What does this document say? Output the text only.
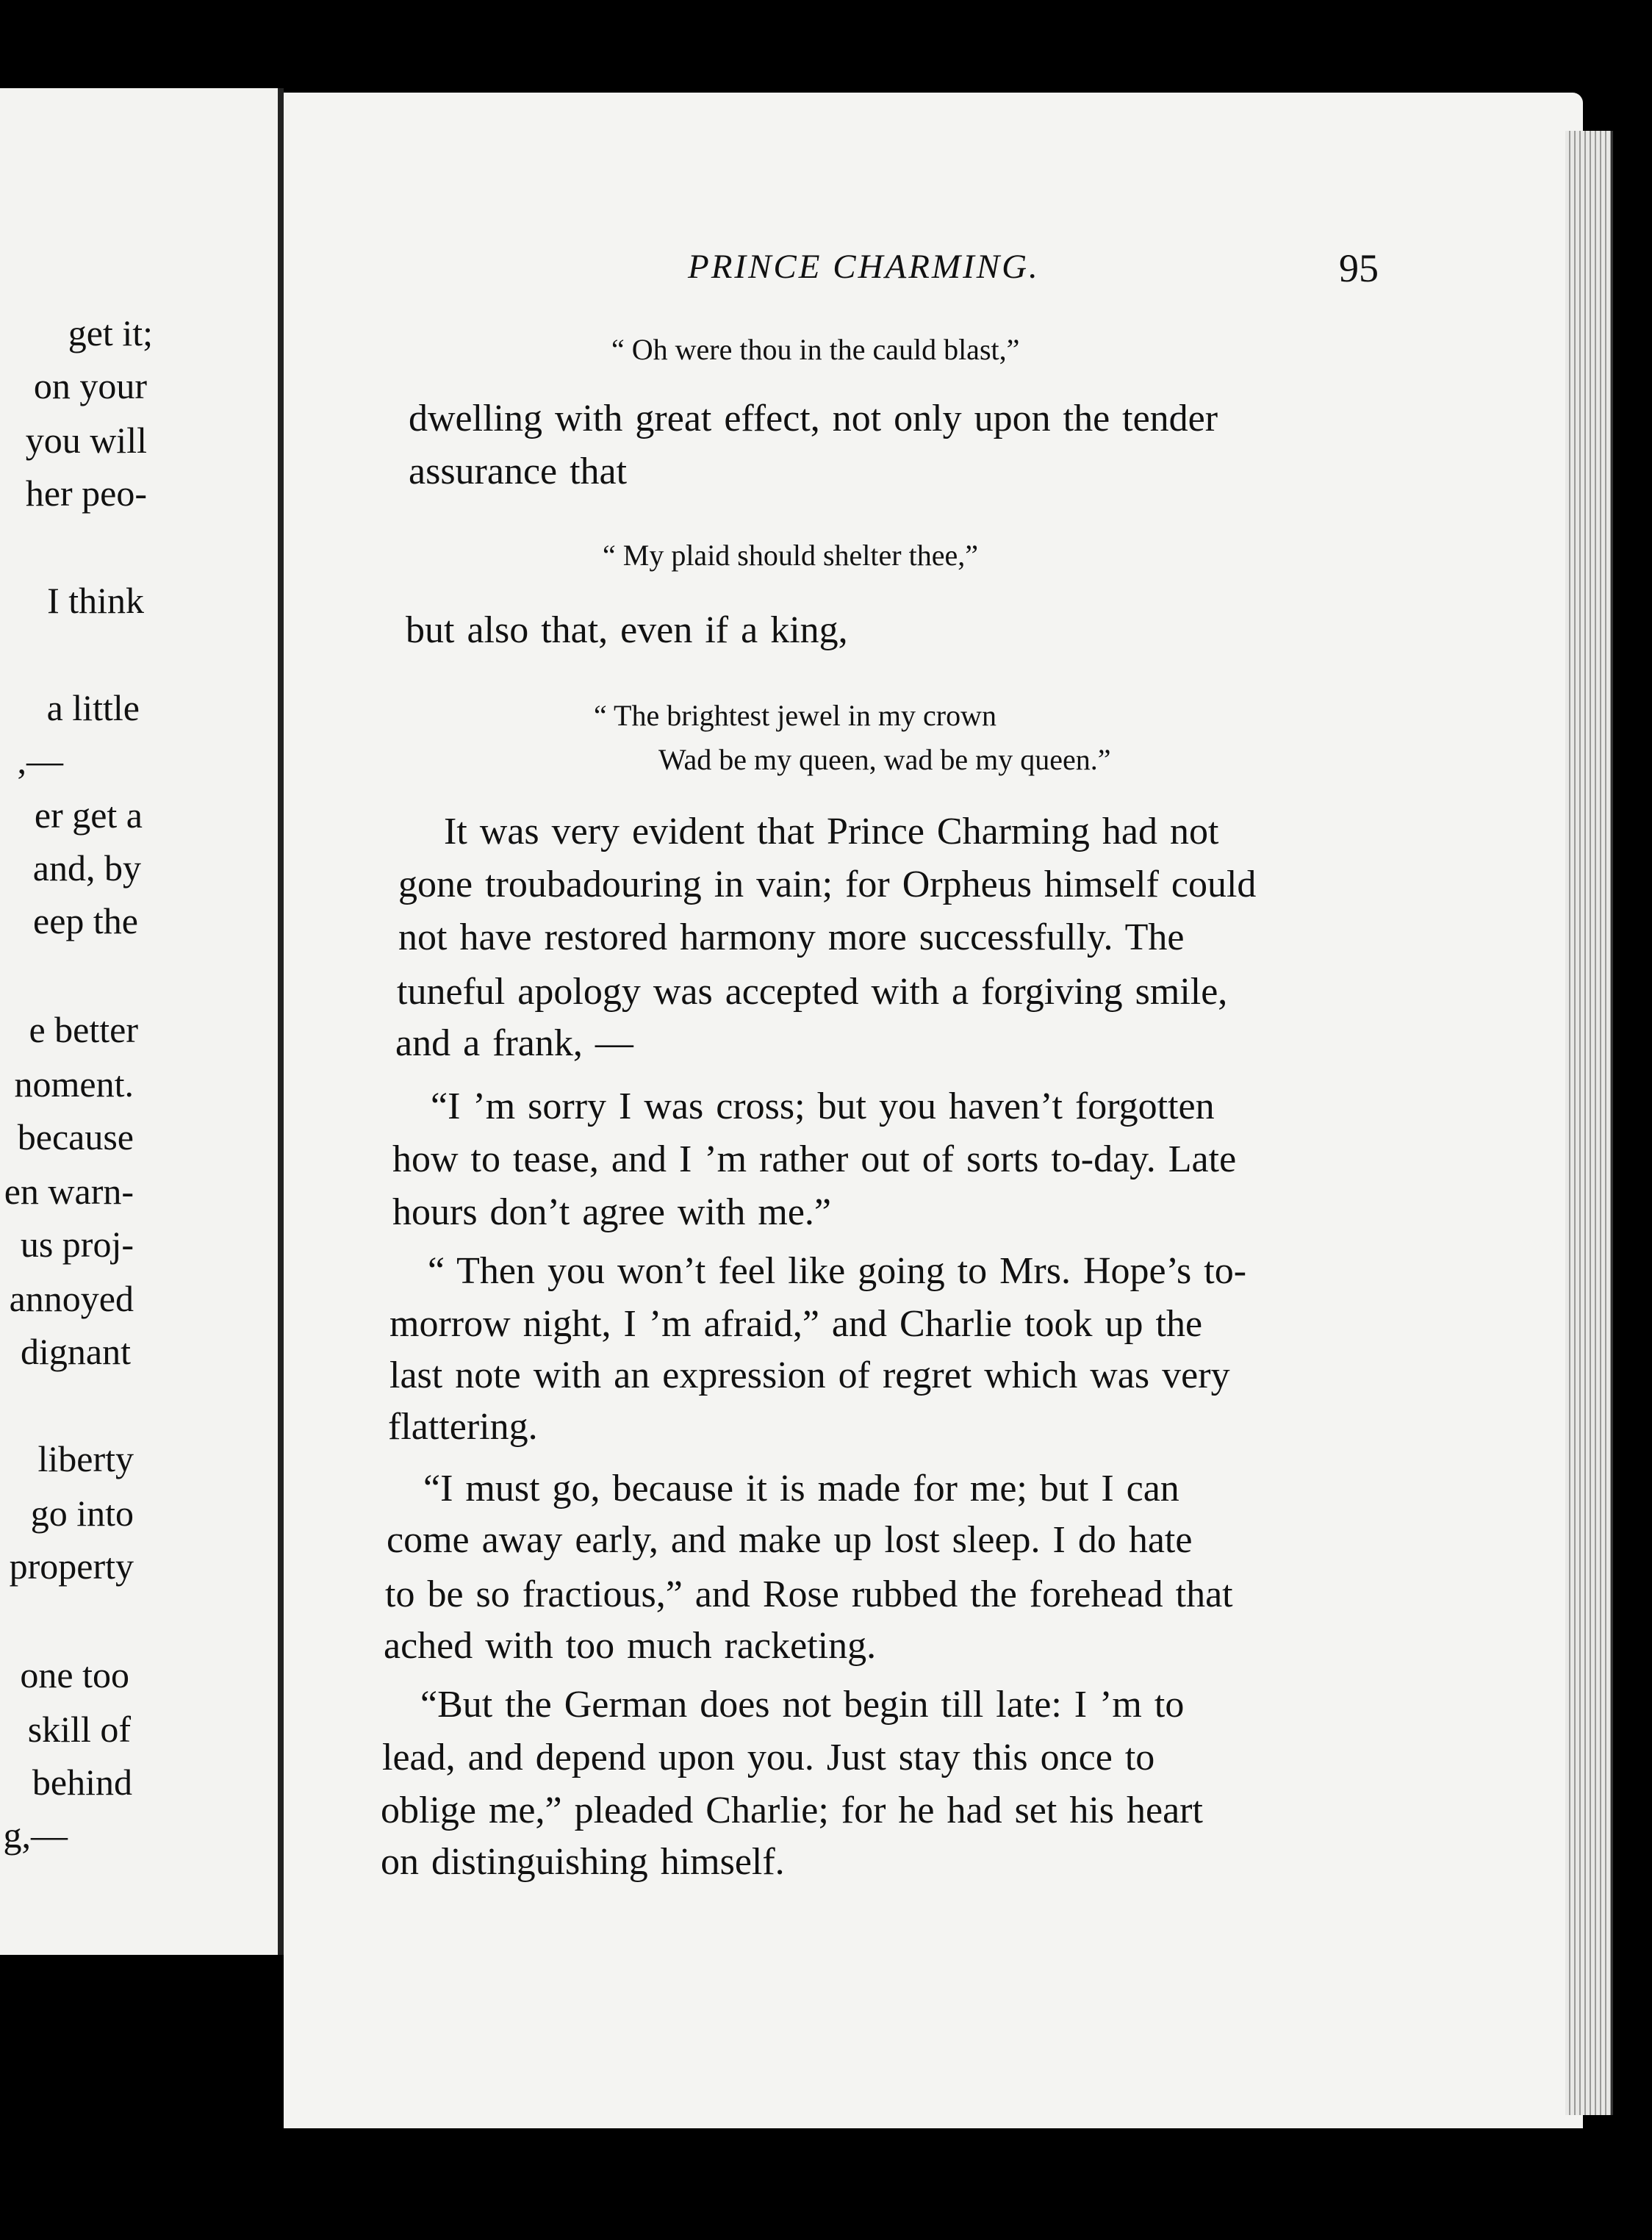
get it;
on your
you will
her peo-
I think
a little
,—
er get a
and, by
eep the
e better
noment.
because
en warn-
us proj-
annoyed
dignant
liberty
go into
property
one too
skill of
behind
g,—
PRINCE CHARMING.	95
“ Oh were thou in the cauld blast,”
dwelling with great effect, not only upon the tender
assurance that
“ My plaid should shelter thee,”
but also that, even if a king,
“ The brightest jewel in my crown
Wad be my queen, wad be my queen.”
It was very evident that Prince Charming had not
gone troubadouring in vain; for Orpheus himself could
not have restored harmony more successfully. The
tuneful apology was accepted with a forgiving smile,
and a frank, —
“I ’m sorry I was cross; but you haven’t forgotten
how to tease, and I ’m rather out of sorts to-day. Late
hours don’t agree with me.”
“ Then you won’t feel like going to Mrs. Hope’s to-
morrow night, I ’m afraid,” and Charlie took up the
last note with an expression of regret which was very
flattering.
“I must go, because it is made for me; but I can
come away early, and make up lost sleep. I do hate
to be so fractious,” and Rose rubbed the forehead that
ached with too much racketing.
“But the German does not begin till late: I ’m to
lead, and depend upon you. Just stay this once to
oblige me,” pleaded Charlie; for he had set his heart
on distinguishing himself.
